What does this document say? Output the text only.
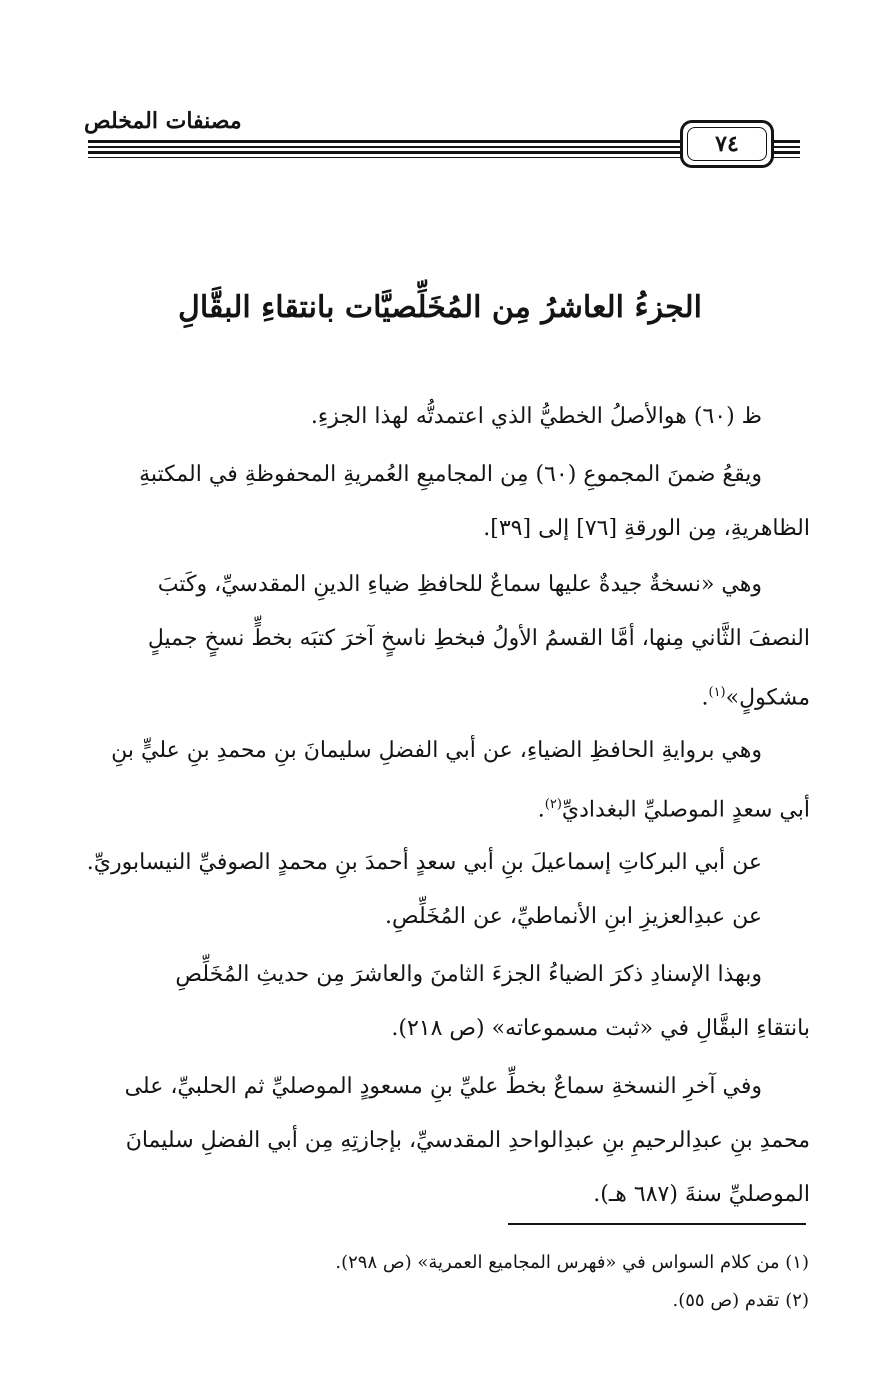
مصنفات المخلص
٧٤
الجزءُ العاشرُ مِن المُخَلِّصيَّات بانتقاءِ البقَّالِ
ظ (٦٠) هوالأصلُ الخطيُّ الذي اعتمدتُّه لهذا الجزءِ.
ويقعُ ضمنَ المجموعِ (٦٠) مِن المجاميعِ العُمريةِ المحفوظةِ في المكتبةِ
الظاهريةِ، مِن الورقةِ [٧٦] إلى [٣٩].
وهي «نسخةٌ جيدةٌ عليها سماعٌ للحافظِ ضياءِ الدينِ المقدسيِّ، وكَتبَ
النصفَ الثَّاني مِنها، أمَّا القسمُ الأولُ فبخطِ ناسخٍ آخرَ كتبَه بخطٍّ نسخٍ جميلٍ
مشكولٍ»$^{(١)}$.
وهي بروايةِ الحافظِ الضياءِ، عن أبي الفضلِ سليمانَ بنِ محمدِ بنِ عليٍّ بنِ
أبي سعدٍ الموصليِّ البغداديِّ$^{(٢)}$.
عن أبي البركاتِ إسماعيلَ بنِ أبي سعدٍ أحمدَ بنِ محمدٍ الصوفيِّ النيسابوريِّ.
عن عبدِالعزيزِ ابنِ الأنماطيِّ، عن المُخَلِّصِ.
وبهذا الإسنادِ ذكرَ الضياءُ الجزءَ الثامنَ والعاشرَ مِن حديثِ المُخَلِّصِ
بانتقاءِ البقَّالِ في «ثبت مسموعاته» (ص ٢١٨).
وفي آخرِ النسخةِ سماعٌ بخطِّ عليِّ بنِ مسعودٍ الموصليِّ ثم الحلبيِّ، على
محمدِ بنِ عبدِالرحيمِ بنِ عبدِالواحدِ المقدسيِّ، بإجازتِهِ مِن أبي الفضلِ سليمانَ
الموصليِّ سنةَ (٦٨٧ هـ).
(١) من كلام السواس في «فهرس المجاميع العمرية» (ص ٢٩٨).
(٢) تقدم (ص ٥٥).
